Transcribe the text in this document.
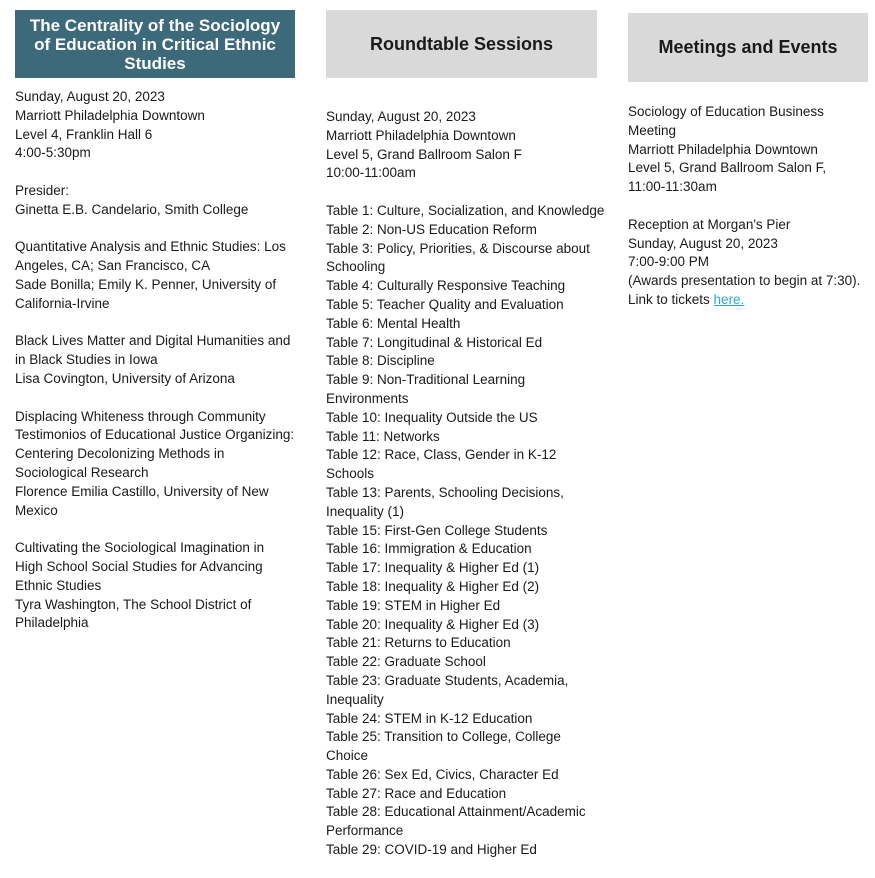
The Centrality of the Sociology of Education in Critical Ethnic Studies
Roundtable Sessions	Meetings and Events
Sunday, August 20, 2023
Marriott Philadelphia Downtown
Level 4, Franklin Hall 6
4:00-5:30pm
Presider:
Ginetta E.B. Candelario, Smith College
Quantitative Analysis and Ethnic Studies: Los Angeles, CA; San Francisco, CA
Sade Bonilla; Emily K. Penner, University of California-Irvine
Black Lives Matter and Digital Humanities and in Black Studies in Iowa
Lisa Covington, University of Arizona
Displacing Whiteness through Community Testimonios of Educational Justice Organizing: Centering Decolonizing Methods in Sociological Research
Florence Emilia Castillo, University of New Mexico
Cultivating the Sociological Imagination in High School Social Studies for Advancing Ethnic Studies
Tyra Washington, The School District of Philadelphia
Sunday, August 20, 2023
Marriott Philadelphia Downtown
Level 5, Grand Ballroom Salon F
10:00-11:00am
Table 1: Culture, Socialization, and Knowledge
Table 2: Non-US Education Reform
Table 3: Policy, Priorities, & Discourse about Schooling
Table 4: Culturally Responsive Teaching
Table 5: Teacher Quality and Evaluation
Table 6: Mental Health
Table 7: Longitudinal & Historical Ed
Table 8: Discipline
Table 9: Non-Traditional Learning Environments
Table 10: Inequality Outside the US
Table 11: Networks
Table 12: Race, Class, Gender in K-12 Schools
Table 13: Parents, Schooling Decisions, Inequality (1)
Table 15: First-Gen College Students
Table 16: Immigration & Education
Table 17: Inequality & Higher Ed (1)
Table 18: Inequality & Higher Ed (2)
Table 19: STEM in Higher Ed
Table 20: Inequality & Higher Ed (3)
Table 21: Returns to Education
Table 22: Graduate School
Table 23: Graduate Students, Academia, Inequality
Table 24: STEM in K-12 Education
Table 25: Transition to College, College Choice
Table 26: Sex Ed, Civics, Character Ed
Table 27: Race and Education
Table 28: Educational Attainment/Academic Performance
Table 29: COVID-19 and Higher Ed
Sociology of Education Business Meeting
Marriott Philadelphia Downtown
Level 5, Grand Ballroom Salon F,
11:00-11:30am
Reception at Morgan's Pier
Sunday, August 20, 2023
7:00-9:00 PM
(Awards presentation to begin at 7:30).
Link to tickets here.
